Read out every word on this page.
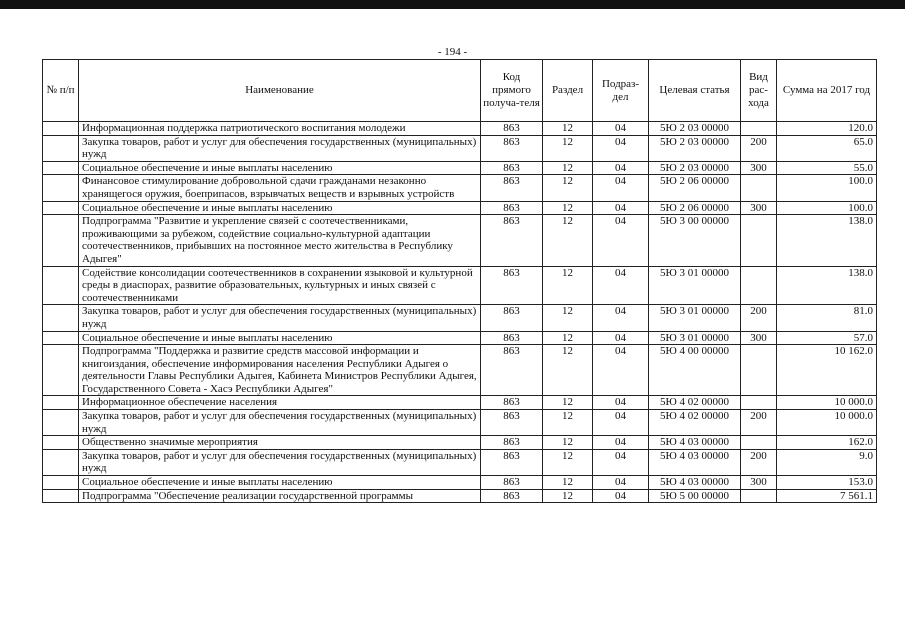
- 194 -
№ п/п	Наименование	Код прямого получа-теля	Раздел	Подраз-дел	Целевая статья	Вид рас-хода	Сумма на 2017 год
	Информационная поддержка патриотического воспитания молодежи	863	12	04	5Ю 2 03 00000		120.0
	Закупка товаров, работ и услуг для обеспечения государственных (муниципальных) нужд	863	12	04	5Ю 2 03 00000	200	65.0
	Социальное обеспечение и иные выплаты населению	863	12	04	5Ю 2 03 00000	300	55.0
	Финансовое стимулирование добровольной сдачи гражданами незаконно хранящегося оружия, боеприпасов, взрывчатых веществ и взрывных устройств	863	12	04	5Ю 2 06 00000		100.0
	Социальное обеспечение и иные выплаты населению	863	12	04	5Ю 2 06 00000	300	100.0
	Подпрограмма "Развитие и укрепление связей с соотечественниками, проживающими за рубежом, содействие социально-культурной адаптации соотечественников, прибывших на постоянное место жительства в Республику Адыгея"	863	12	04	5Ю 3 00 00000		138.0
	Содействие консолидации соотечественников в сохранении языковой и культурной среды в диаспорах, развитие образовательных, культурных и иных связей с соотечественниками	863	12	04	5Ю 3 01 00000		138.0
	Закупка товаров, работ и услуг для обеспечения государственных (муниципальных) нужд	863	12	04	5Ю 3 01 00000	200	81.0
	Социальное обеспечение и иные выплаты населению	863	12	04	5Ю 3 01 00000	300	57.0
	Подпрограмма "Поддержка и развитие средств массовой информации и книгоиздания, обеспечение информирования населения Республики Адыгея о деятельности Главы Республики Адыгея, Кабинета Министров Республики Адыгея, Государственного Совета - Хасэ Республики Адыгея"	863	12	04	5Ю 4 00 00000		10 162.0
	Информационное обеспечение населения	863	12	04	5Ю 4 02 00000		10 000.0
	Закупка товаров, работ и услуг для обеспечения государственных (муниципальных) нужд	863	12	04	5Ю 4 02 00000	200	10 000.0
	Общественно значимые мероприятия	863	12	04	5Ю 4 03 00000		162.0
	Закупка товаров, работ и услуг для обеспечения государственных (муниципальных) нужд	863	12	04	5Ю 4 03 00000	200	9.0
	Социальное обеспечение и иные выплаты населению	863	12	04	5Ю 4 03 00000	300	153.0
	Подпрограмма "Обеспечение реализации государственной программы	863	12	04	5Ю 5 00 00000		7 561.1
